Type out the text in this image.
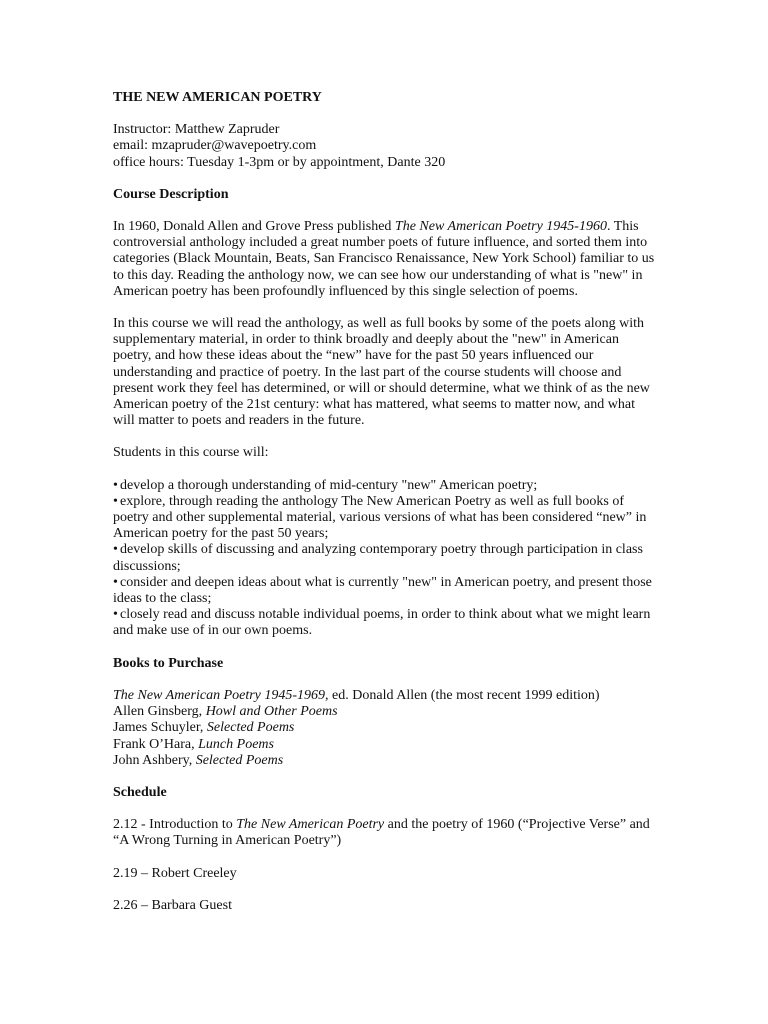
THE NEW AMERICAN POETRY

Instructor: Matthew Zapruder

email: mzapruder@wavepoetry.com

office hours: Tuesday 1-3pm or by appointment, Dante 320

Course Description

In 1960, Donald Allen and Grove Press published The New American Poetry 1945-1960. This controversial anthology included a great number poets of future influence, and sorted them into categories (Black Mountain, Beats, San Francisco Renaissance, New York School) familiar to us to this day. Reading the anthology now, we can see how our understanding of what is "new" in American poetry has been profoundly influenced by this single selection of poems.

In this course we will read the anthology, as well as full books by some of the poets along with supplementary material, in order to think broadly and deeply about the "new" in American poetry, and how these ideas about the “new” have for the past 50 years influenced our understanding and practice of poetry. In the last part of the course students will choose and present work they feel has determined, or will or should determine, what we think of as the new American poetry of the 21st century: what has mattered, what seems to matter now, and what will matter to poets and readers in the future.

Students in this course will:

• develop a thorough understanding of mid-century "new" American poetry;
• explore, through reading the anthology The New American Poetry as well as full books of poetry and other supplemental material, various versions of what has been considered “new” in American poetry for the past 50 years;
• develop skills of discussing and analyzing contemporary poetry through participation in class discussions;
• consider and deepen ideas about what is currently "new" in American poetry, and present those ideas to the class;
• closely read and discuss notable individual poems, in order to think about what we might learn and make use of in our own poems.

Books to Purchase

The New American Poetry 1945-1969, ed. Donald Allen (the most recent 1999 edition)

Allen Ginsberg, Howl and Other Poems

James Schuyler, Selected Poems

Frank O’Hara, Lunch Poems

John Ashbery, Selected Poems

Schedule

2.12 - Introduction to The New American Poetry and the poetry of 1960 (“Projective Verse” and “A Wrong Turning in American Poetry”)

2.19 – Robert Creeley

2.26 – Barbara Guest
